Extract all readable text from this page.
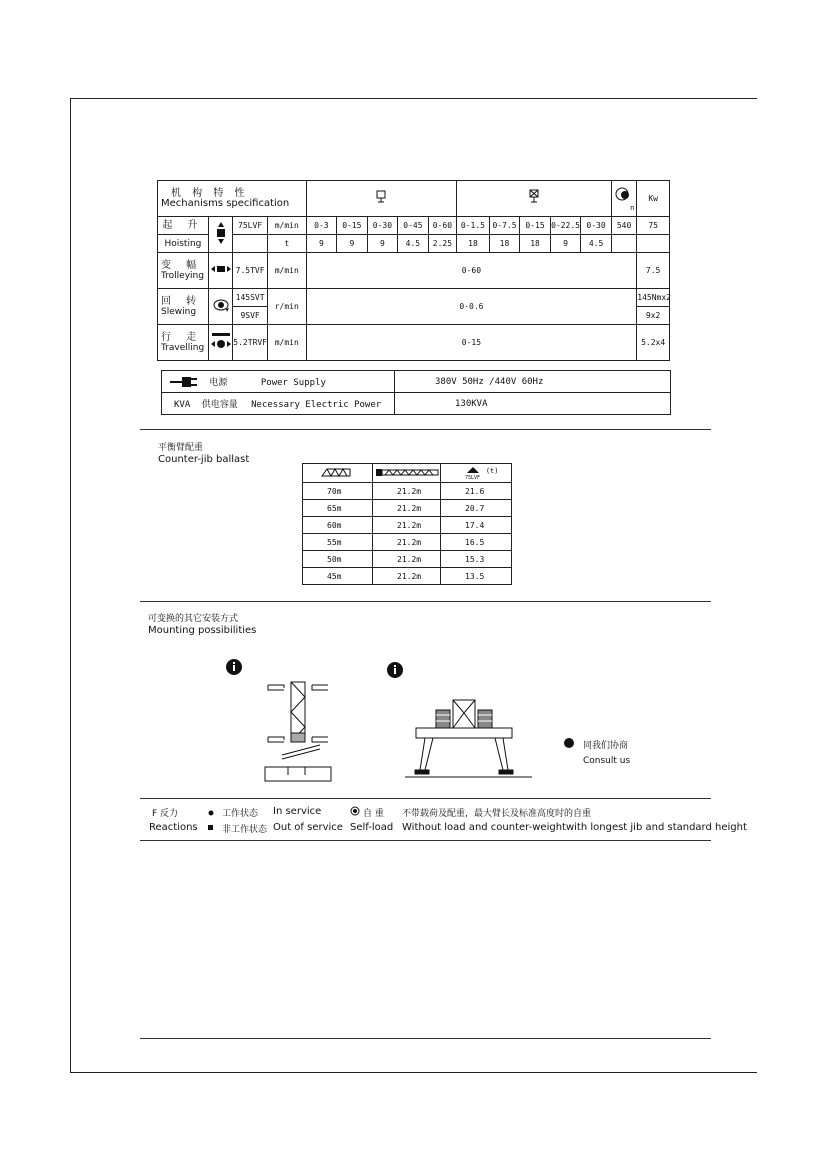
机 构 特 性
Mechanisms specification														n	Kw
起 升		75LVF	m/min	0-3	0-15	0-30	0-45	0-60	0-1.5	0-7.5	0-15	0-22.5	0-30	540	75
Hoisting			t	9	9	9	4.5	2.25	18	18	18	9	4.5		

变 幅
Trolleying		7.5TVF	m/min	0-60											7.5

回 转
Slewing		145SVT	r/min	0-0.6											145Nmx2
		9SVF													9x2

行 走
Travelling		5.2TRVF	m/min	0-15											5.2x4
电源 Power Supply	380V 50Hz /440V 60Hz
KVA 供电容量 Necessary Electric Power	130KVA
平衡臂配重
Counter-jib ballast
		(t)
75LVF

70m	21.2m	21.6
65m	21.2m	20.7
60m	21.2m	17.4
55m	21.2m	16.5
50m	21.2m	15.3
45m	21.2m	13.5
可变换的其它安装方式
Mounting possibilities
同我们协商
Consult us
F 反力
Reactions
工作状态 In service
非工作状态 Out of service
自 重
Self-load
不带载荷及配重，最大臂长及标准高度时的自重
Without load and counter-weightwith longest jib and standard height
